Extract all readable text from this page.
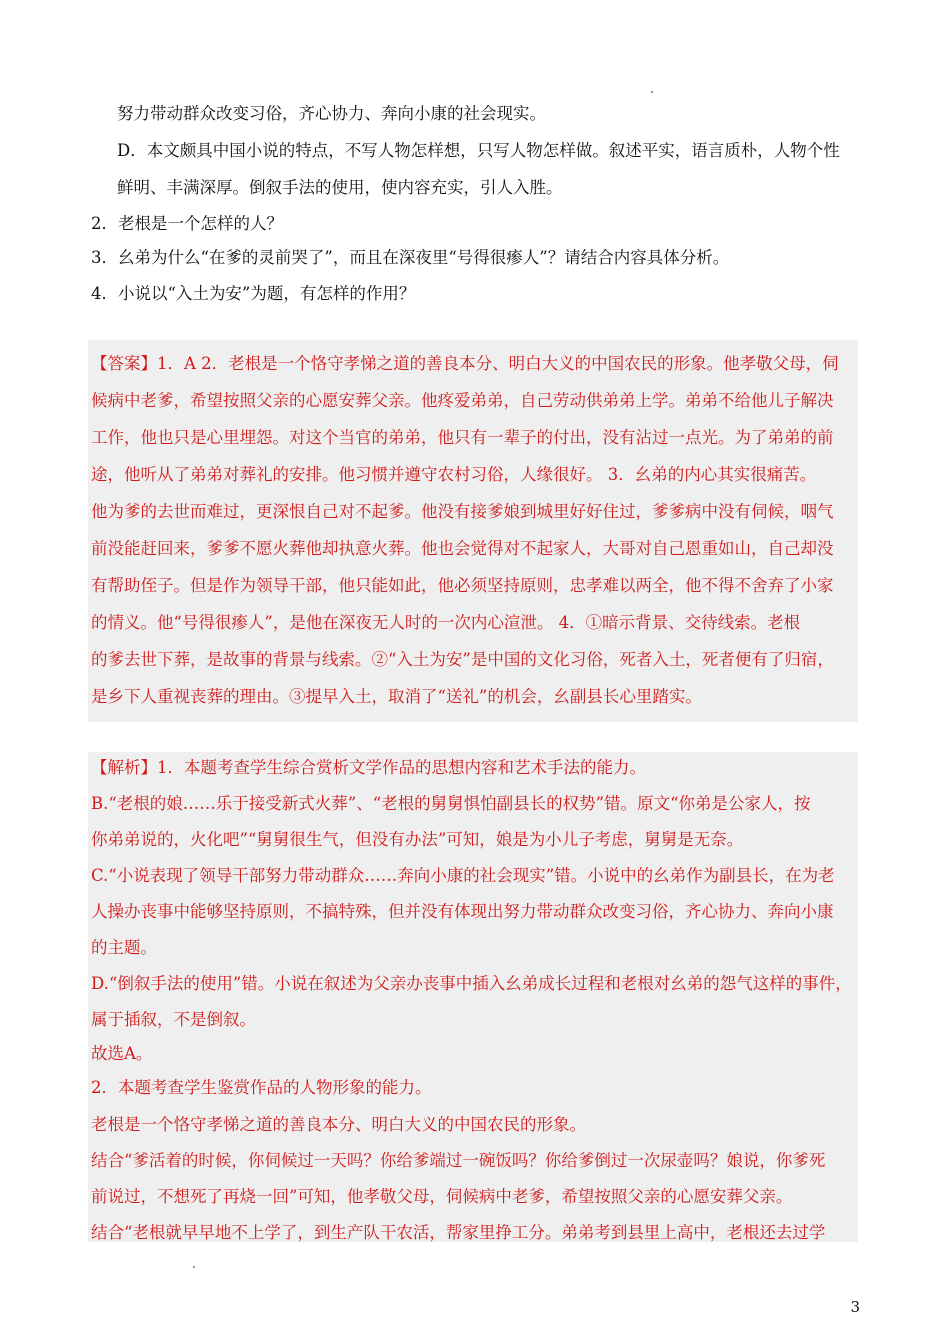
努力带动群众改变习俗，齐心协力、奔向小康的社会现实。
D．本文颇具中国小说的特点，不写人物怎样想，只写人物怎样做。叙述平实，语言质朴，人物个性
鲜明、丰满深厚。倒叙手法的使用，使内容充实，引人入胜。
2．老根是一个怎样的人？
3．幺弟为什么“在爹的灵前哭了”，而且在深夜里“号得很瘆人”？请结合内容具体分析。
4．小说以“入土为安”为题，有怎样的作用？
【答案】1．A 2．老根是一个恪守孝悌之道的善良本分、明白大义的中国农民的形象。他孝敬父母，伺
候病中老爹，希望按照父亲的心愿安葬父亲。他疼爱弟弟，自己劳动供弟弟上学。弟弟不给他儿子解决
工作，他也只是心里埋怨。对这个当官的弟弟，他只有一辈子的付出，没有沾过一点光。为了弟弟的前
途，他听从了弟弟对葬礼的安排。他习惯并遵守农村习俗，人缘很好。 3．幺弟的内心其实很痛苦。
他为爹的去世而难过，更深恨自己对不起爹。他没有接爹娘到城里好好住过，爹爹病中没有伺候，咽气
前没能赶回来，爹爹不愿火葬他却执意火葬。他也会觉得对不起家人，大哥对自己恩重如山，自己却没
有帮助侄子。但是作为领导干部，他只能如此，他必须坚持原则，忠孝难以两全，他不得不舍弃了小家
的情义。他“号得很瘆人”，是他在深夜无人时的一次内心渲泄。 4．①暗示背景、交待线索。老根
的爹去世下葬，是故事的背景与线索。②“入土为安”是中国的文化习俗，死者入土，死者便有了归宿，
是乡下人重视丧葬的理由。③提早入土，取消了“送礼”的机会，幺副县长心里踏实。
【解析】1．本题考查学生综合赏析文学作品的思想内容和艺术手法的能力。
B.“老根的娘……乐于接受新式火葬”、“老根的舅舅惧怕副县长的权势”错。原文“你弟是公家人，按
你弟弟说的，火化吧”“舅舅很生气，但没有办法”可知，娘是为小儿子考虑，舅舅是无奈。
C.“小说表现了领导干部努力带动群众……奔向小康的社会现实”错。小说中的幺弟作为副县长，在为老
人操办丧事中能够坚持原则，不搞特殊，但并没有体现出努力带动群众改变习俗，齐心协力、奔向小康
的主题。
D.“倒叙手法的使用”错。小说在叙述为父亲办丧事中插入幺弟成长过程和老根对幺弟的怨气这样的事件，
属于插叙，不是倒叙。
故选A。
2．本题考查学生鉴赏作品的人物形象的能力。
老根是一个恪守孝悌之道的善良本分、明白大义的中国农民的形象。
结合“爹活着的时候，你伺候过一天吗？你给爹端过一碗饭吗？你给爹倒过一次尿壶吗？娘说，你爹死
前说过，不想死了再烧一回”可知，他孝敬父母，伺候病中老爹，希望按照父亲的心愿安葬父亲。
结合“老根就早早地不上学了，到生产队干农活，帮家里挣工分。弟弟考到县里上高中，老根还去过学
3
